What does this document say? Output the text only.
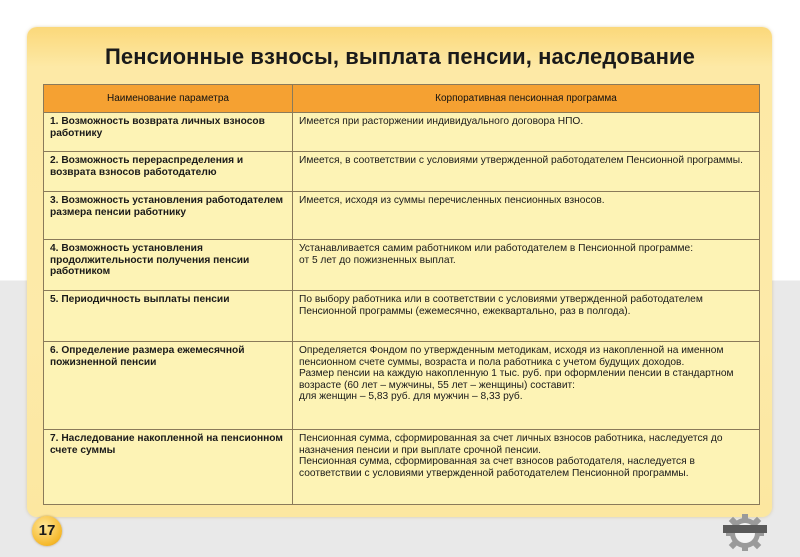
Пенсионные взносы, выплата пенсии, наследование
Наименование параметра	Корпоративная пенсионная программа
1. Возможность возврата личных взносов работнику	Имеется при расторжении индивидуального договора НПО.
2. Возможность перераспределения и возврата взносов работодателю	Имеется, в соответствии с условиями утвержденной работодателем Пенсионной программы.
3. Возможность установления работодателем размера пенсии работнику	Имеется, исходя из суммы перечисленных пенсионных взносов.
4. Возможность установления продолжительности получения пенсии работником	Устанавливается самим работником или работодателем в Пенсионной программе:
от 5 лет до пожизненных выплат.
5. Периодичность выплаты пенсии	По выбору работника или в соответствии с условиями утвержденной работодателем Пенсионной программы (ежемесячно, ежеквартально, раз в полгода).
6. Определение размера ежемесячной пожизненной пенсии	Определяется Фондом по утвержденным методикам, исходя из накопленной на именном пенсионном счете суммы, возраста и пола работника с учетом будущих доходов.
Размер пенсии на каждую накопленную 1 тыс. руб. при оформлении пенсии в стандартном возрасте (60 лет – мужчины, 55 лет – женщины) составит:
для женщин – 5,83 руб. для мужчин – 8,33 руб.
7. Наследование накопленной на пенсионном счете суммы	Пенсионная сумма, сформированная за счет личных взносов работника, наследуется до назначения пенсии и при выплате срочной пенсии.
Пенсионная сумма, сформированная за счет взносов работодателя, наследуется в соответствии с условиями утвержденной работодателем Пенсионной программы.
17
